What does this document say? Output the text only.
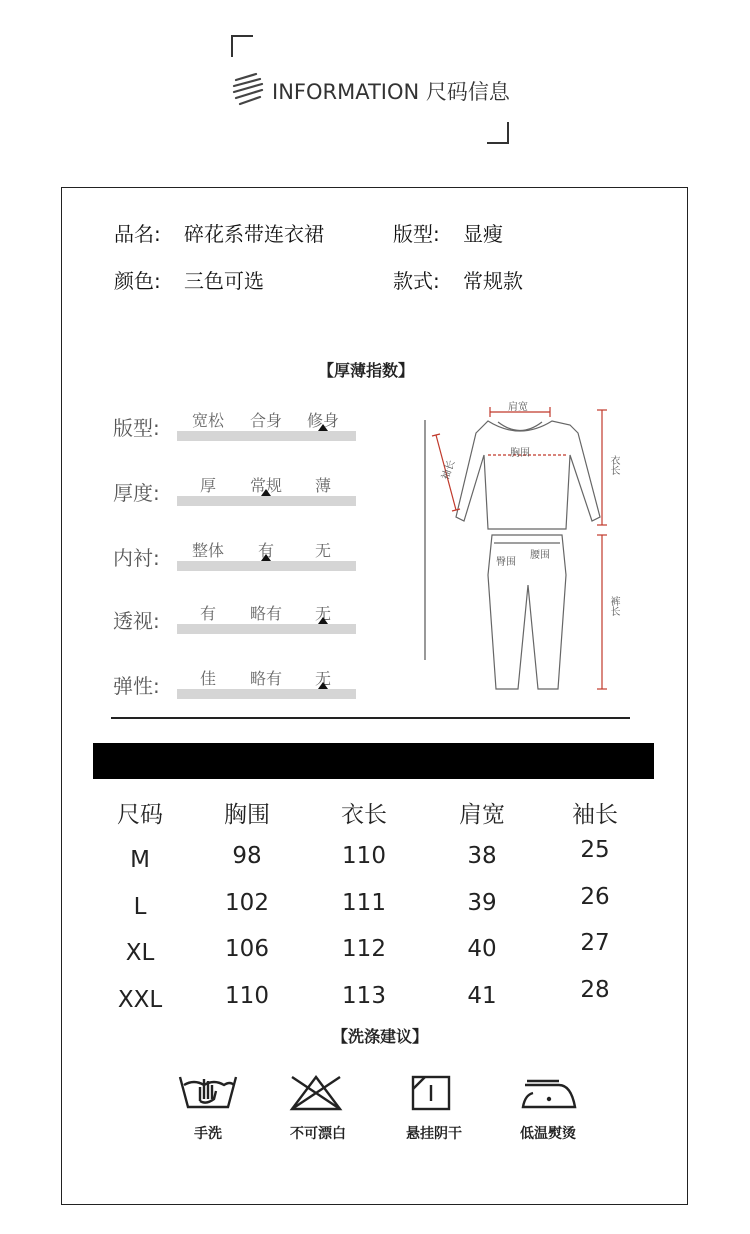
INFORMATION 尺码信息
品名: 碎花系带连衣裙	版型: 显瘦
颜色: 三色可选	款式: 常规款
【厚薄指数】
版型: 宽松 合身 修身
厚度:	厚 常规 薄
内衬: 整体 有	无
透视:	有 略有 无
弹性:	佳 略有 无
肩宽
袖长
胸围
衣长
腰围
臀围
裤长
尺码	胸围	衣长	肩宽	袖长
M	98	110	38	25
L	102	111	39	26
XL	106	112	40	27
XXL	110	113	41	28
【洗涤建议】
手洗	不可漂白	悬挂阴干	低温熨烫
